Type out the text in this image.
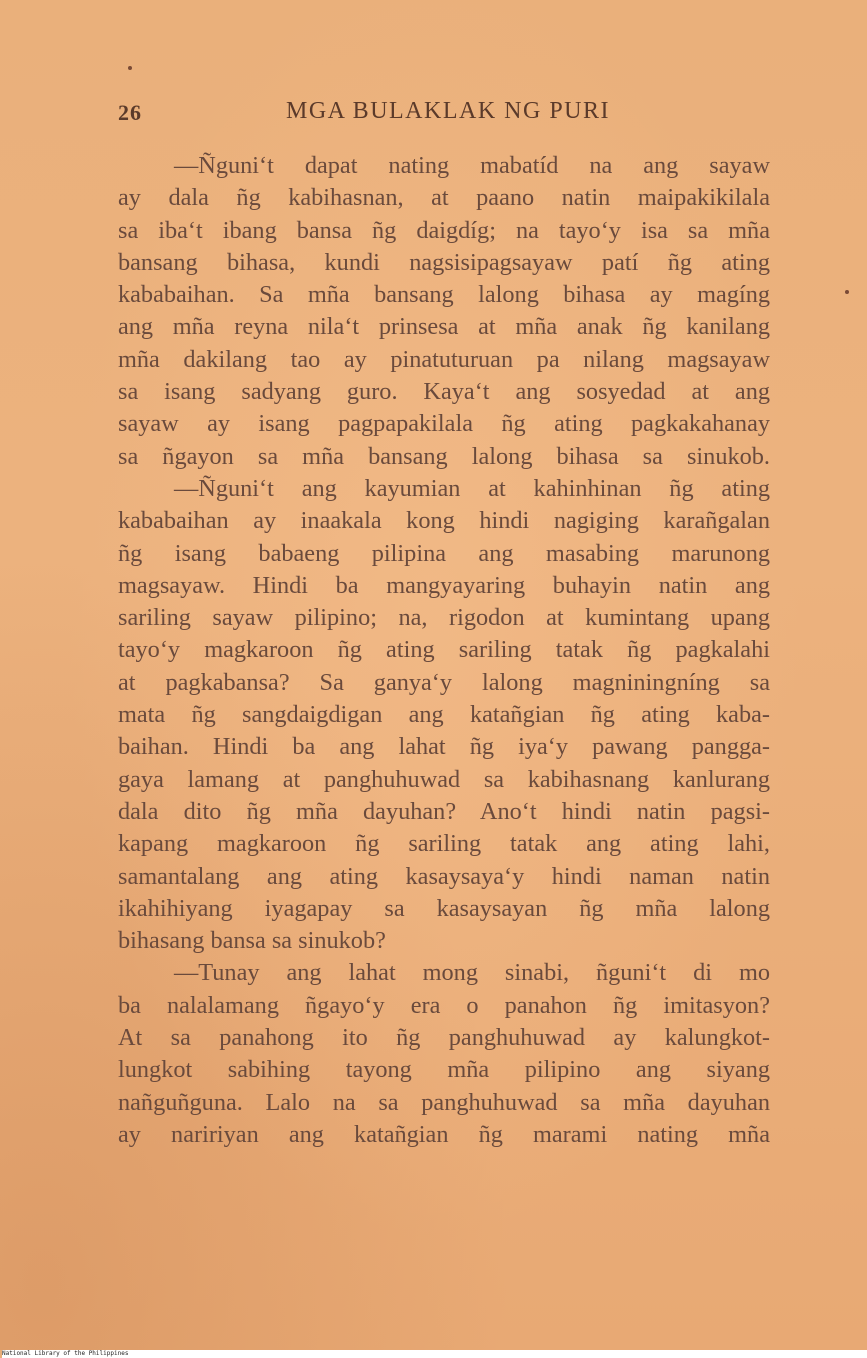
26	MGA BULAKLAK NG PURI
—Ñguni‘t dapat nating mabatíd na ang sayaw
ay dala ñg kabihasnan, at paano natin maipakikilala
sa iba‘t ibang bansa ñg daigdíg; na tayo‘y isa sa mña
bansang bihasa, kundi nagsisipagsayaw patí ñg ating
kababaihan. Sa mña bansang lalong bihasa ay magíng
ang mña reyna nila‘t prinsesa at mña anak ñg kanilang
mña dakilang tao ay pinatuturuan pa nilang magsayaw
sa isang sadyang guro. Kaya‘t ang sosyedad at ang
sayaw ay isang pagpapakilala ñg ating pagkakahanay
sa ñgayon sa mña bansang lalong bihasa sa sinukob.
—Ñguni‘t ang kayumian at kahinhinan ñg ating
kababaihan ay inaakala kong hindi nagiging karañgalan
ñg isang babaeng pilipina ang masabing marunong
magsayaw. Hindi ba mangyayaring buhayin natin ang
sariling sayaw pilipino; na, rigodon at kumintang upang
tayo‘y magkaroon ñg ating sariling tatak ñg pagkalahi
at pagkabansa? Sa ganya‘y lalong magniningníng sa
mata ñg sangdaigdigan ang katañgian ñg ating kaba-
baihan. Hindi ba ang lahat ñg iya‘y pawang pangga-
gaya lamang at panghuhuwad sa kabihasnang kanlurang
dala dito ñg mña dayuhan? Ano‘t hindi natin pagsi-
kapang magkaroon ñg sariling tatak ang ating lahi,
samantalang ang ating kasaysaya‘y hindi naman natin
ikahihiyang iyagapay sa kasaysayan ñg mña lalong
bihasang bansa sa sinukob?
—Tunay ang lahat mong sinabi, ñguni‘t di mo
ba nalalamang ñgayo‘y era o panahon ñg imitasyon?
At sa panahong ito ñg panghuhuwad ay kalungkot-
lungkot sabihing tayong mña pilipino ang siyang
nañguñguna. Lalo na sa panghuhuwad sa mña dayuhan
ay naririyan ang katañgian ñg marami nating mña
National Library of the Philippines
